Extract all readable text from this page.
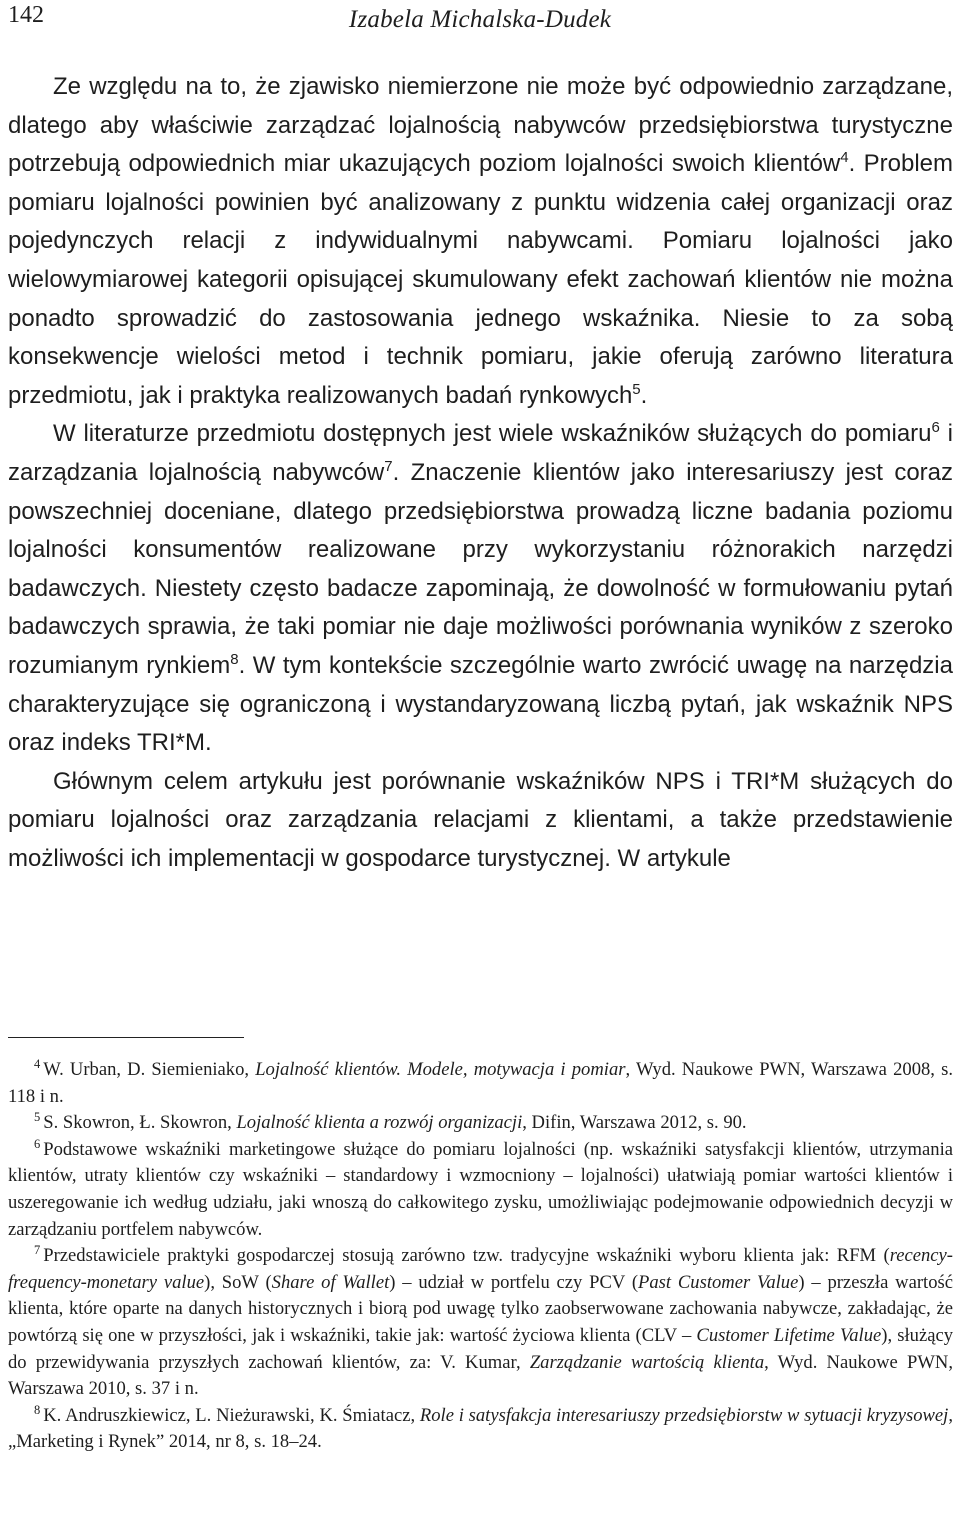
142	Izabela Michalska-Dudek

Ze względu na to, że zjawisko niemierzone nie może być odpowiednio zarządzane, dlatego aby właściwie zarządzać lojalnością nabywców przedsiębiorstwa turystyczne potrzebują odpowiednich miar ukazujących poziom lojalności swoich klientów$^4$. Problem pomiaru lojalności powinien być analizowany z punktu widzenia całej organizacji oraz pojedynczych relacji z indywidualnymi nabywcami. Pomiaru lojalności jako wielowymiarowej kategorii opisującej skumulowany efekt zachowań klientów nie można ponadto sprowadzić do zastosowania jednego wskaźnika. Niesie to za sobą konsekwencje wielości metod i technik pomiaru, jakie oferują zarówno literatura przedmiotu, jak i praktyka realizowanych badań rynkowych$^5$.

W literaturze przedmiotu dostępnych jest wiele wskaźników służących do pomiaru$^6$ i zarządzania lojalnością nabywców$^7$. Znaczenie klientów jako interesariuszy jest coraz powszechniej doceniane, dlatego przedsiębiorstwa prowadzą liczne badania poziomu lojalności konsumentów realizowane przy wykorzystaniu różnorakich narzędzi badawczych. Niestety często badacze zapominają, że dowolność w formułowaniu pytań badawczych sprawia, że taki pomiar nie daje możliwości porównania wyników z szeroko rozumianym rynkiem$^8$. W tym kontekście szczególnie warto zwrócić uwagę na narzędzia charakteryzujące się ograniczoną i wystandaryzowaną liczbą pytań, jak wskaźnik NPS oraz indeks TRI*M.

Głównym celem artykułu jest porównanie wskaźników NPS i TRI*M służących do pomiaru lojalności oraz zarządzania relacjami z klientami, a także przedstawienie możliwości ich implementacji w gospodarce turystycznej. W artykule

$^4$ W. Urban, D. Siemieniako, Lojalność klientów. Modele, motywacja i pomiar, Wyd. Naukowe PWN, Warszawa 2008, s. 118 i n.

$^5$ S. Skowron, Ł. Skowron, Lojalność klienta a rozwój organizacji, Difin, Warszawa 2012, s. 90.

$^6$ Podstawowe wskaźniki marketingowe służące do pomiaru lojalności (np. wskaźniki satysfakcji klientów, utrzymania klientów, utraty klientów czy wskaźniki – standardowy i wzmocniony – lojalności) ułatwiają pomiar wartości klientów i uszeregowanie ich według udziału, jaki wnoszą do całkowitego zysku, umożliwiając podejmowanie odpowiednich decyzji w zarządzaniu portfelem nabywców.

$^7$ Przedstawiciele praktyki gospodarczej stosują zarówno tzw. tradycyjne wskaźniki wyboru klienta jak: RFM (recency-frequency-monetary value), SoW (Share of Wallet) – udział w portfelu czy PCV (Past Customer Value) – przeszła wartość klienta, które oparte na danych historycznych i biorą pod uwagę tylko zaobserwowane zachowania nabywcze, zakładając, że powtórzą się one w przyszłości, jak i wskaźniki, takie jak: wartość życiowa klienta (CLV – Customer Lifetime Value), służący do przewidywania przyszłych zachowań klientów, za: V. Kumar, Zarządzanie wartością klienta, Wyd. Naukowe PWN, Warszawa 2010, s. 37 i n.

$^8$ K. Andruszkiewicz, L. Nieżurawski, K. Śmiatacz, Role i satysfakcja interesariuszy przedsiębiorstw w sytuacji kryzysowej, „Marketing i Rynek” 2014, nr 8, s. 18–24.
